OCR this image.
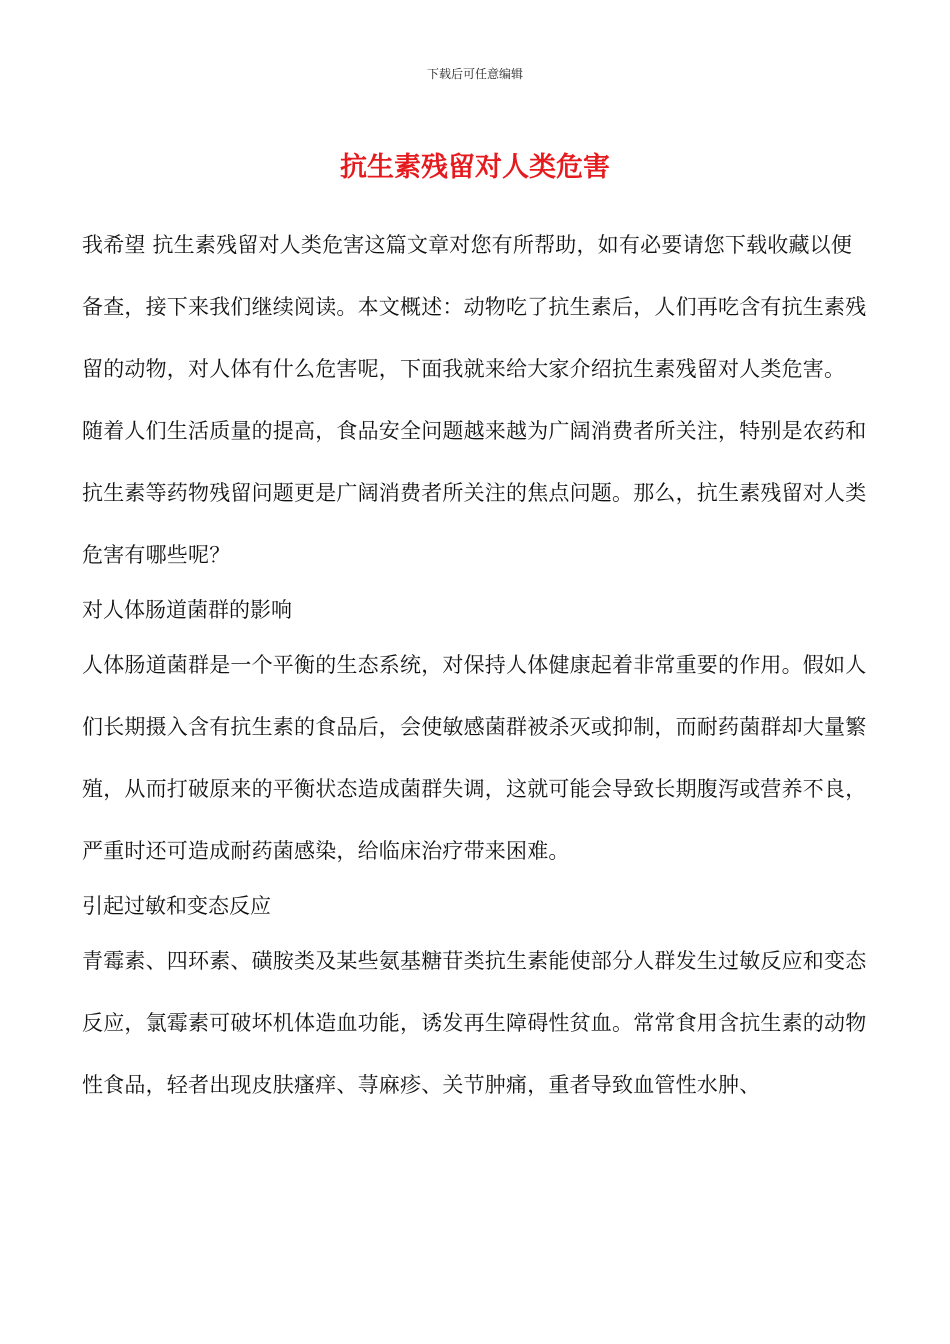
下载后可任意编辑
抗生素残留对人类危害

我希望 抗生素残留对人类危害这篇文章对您有所帮助，如有必要请您下载收藏以便备查，接下来我们继续阅读。本文概述：动物吃了抗生素后，人们再吃含有抗生素残留的动物，对人体有什么危害呢，下面我就来给大家介绍抗生素残留对人类危害。

随着人们生活质量的提高，食品安全问题越来越为广阔消费者所关注，特别是农药和抗生素等药物残留问题更是广阔消费者所关注的焦点问题。那么，抗生素残留对人类危害有哪些呢？

对人体肠道菌群的影响

人体肠道菌群是一个平衡的生态系统，对保持人体健康起着非常重要的作用。假如人们长期摄入含有抗生素的食品后，会使敏感菌群被杀灭或抑制，而耐药菌群却大量繁殖，从而打破原来的平衡状态造成菌群失调，这就可能会导致长期腹泻或营养不良，严重时还可造成耐药菌感染，给临床治疗带来困难。

引起过敏和变态反应

青霉素、四环素、磺胺类及某些氨基糖苷类抗生素能使部分人群发生过敏反应和变态反应，氯霉素可破坏机体造血功能，诱发再生障碍性贫血。常常食用含抗生素的动物性食品，轻者出现皮肤瘙痒、荨麻疹、关节肿痛，重者导致血管性水肿、
